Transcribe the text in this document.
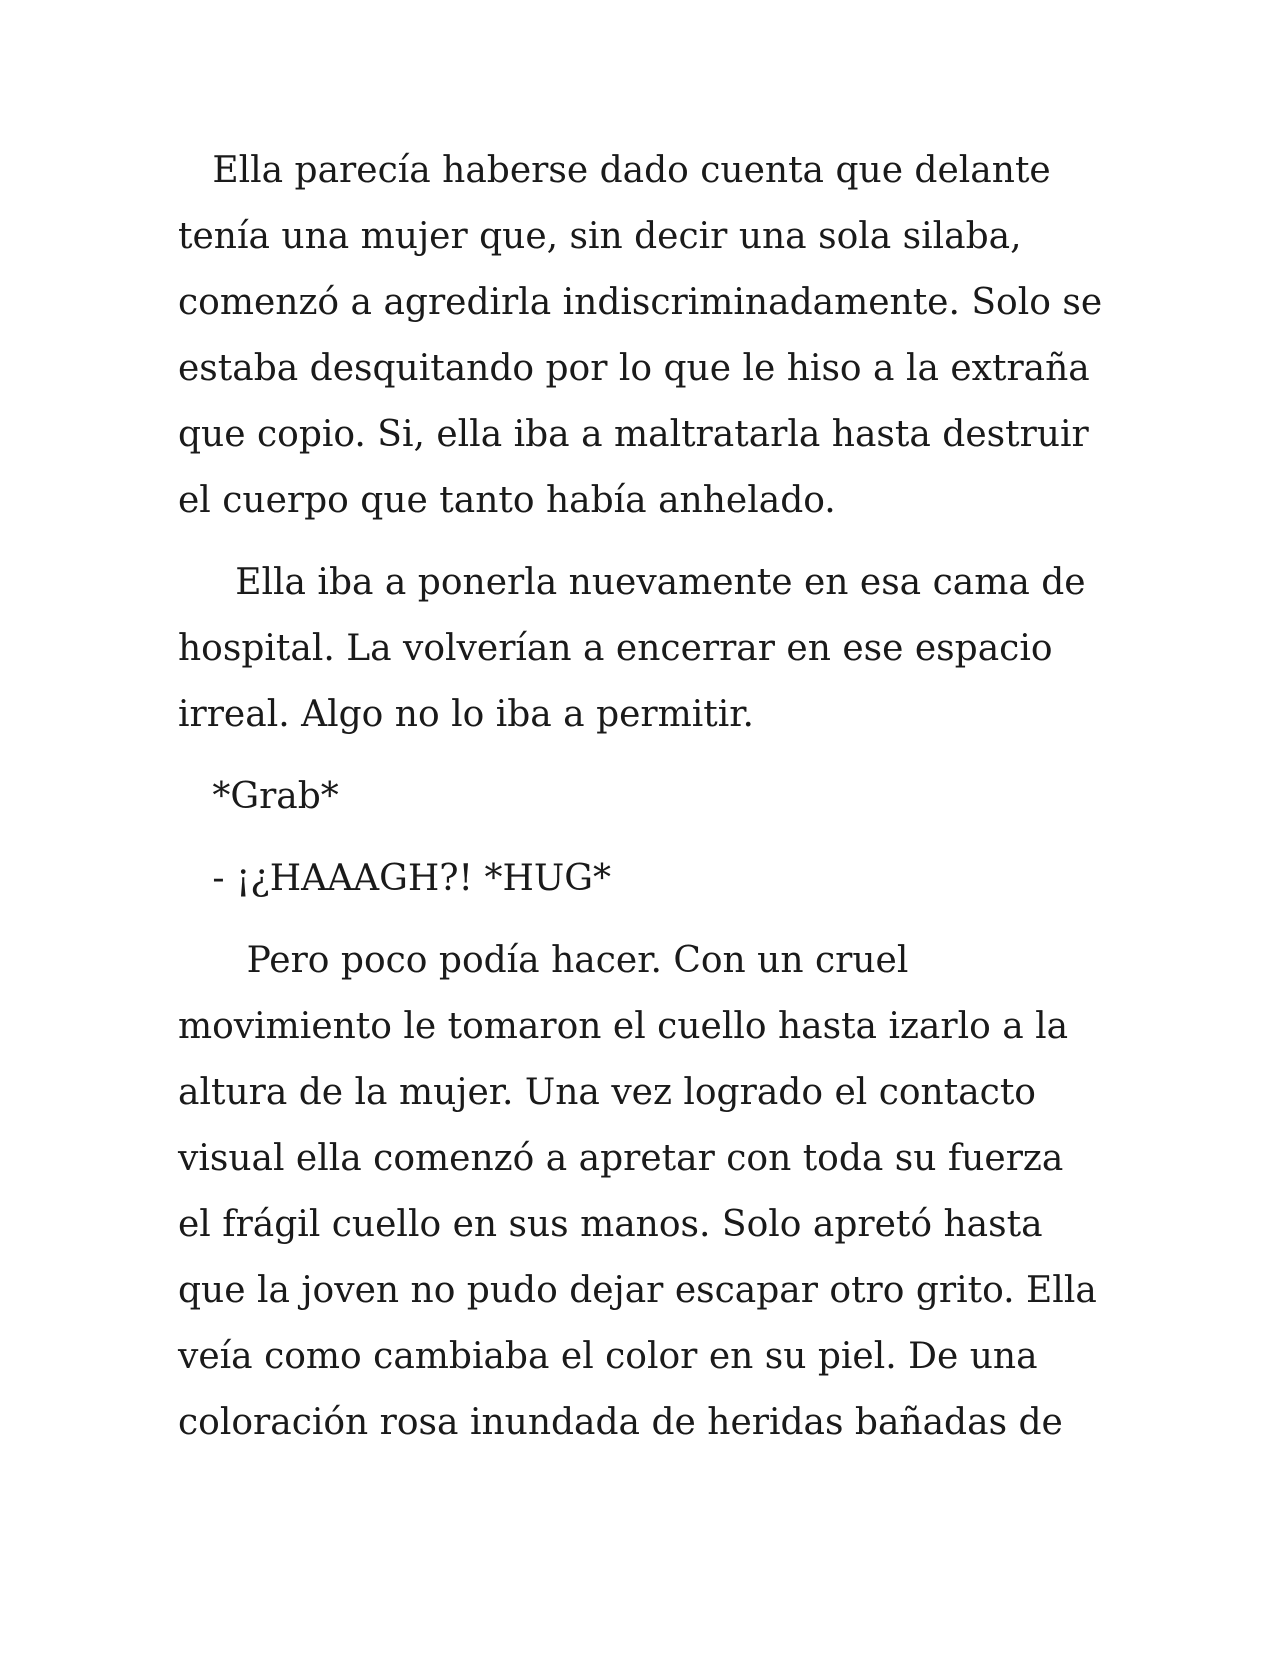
Ella parecía haberse dado cuenta que delante
tenía una mujer que, sin decir una sola silaba,
comenzó a agredirla indiscriminadamente. Solo se
estaba desquitando por lo que le hiso a la extraña
que copio. Si, ella iba a maltratarla hasta destruir
el cuerpo que tanto había anhelado.
Ella iba a ponerla nuevamente en esa cama de
hospital. La volverían a encerrar en ese espacio
irreal. Algo no lo iba a permitir.
*Grab*
- ¡¿HAAAGH?! *HUG*
Pero poco podía hacer. Con un cruel
movimiento le tomaron el cuello hasta izarlo a la
altura de la mujer. Una vez logrado el contacto
visual ella comenzó a apretar con toda su fuerza
el frágil cuello en sus manos. Solo apretó hasta
que la joven no pudo dejar escapar otro grito. Ella
veía como cambiaba el color en su piel. De una
coloración rosa inundada de heridas bañadas de
